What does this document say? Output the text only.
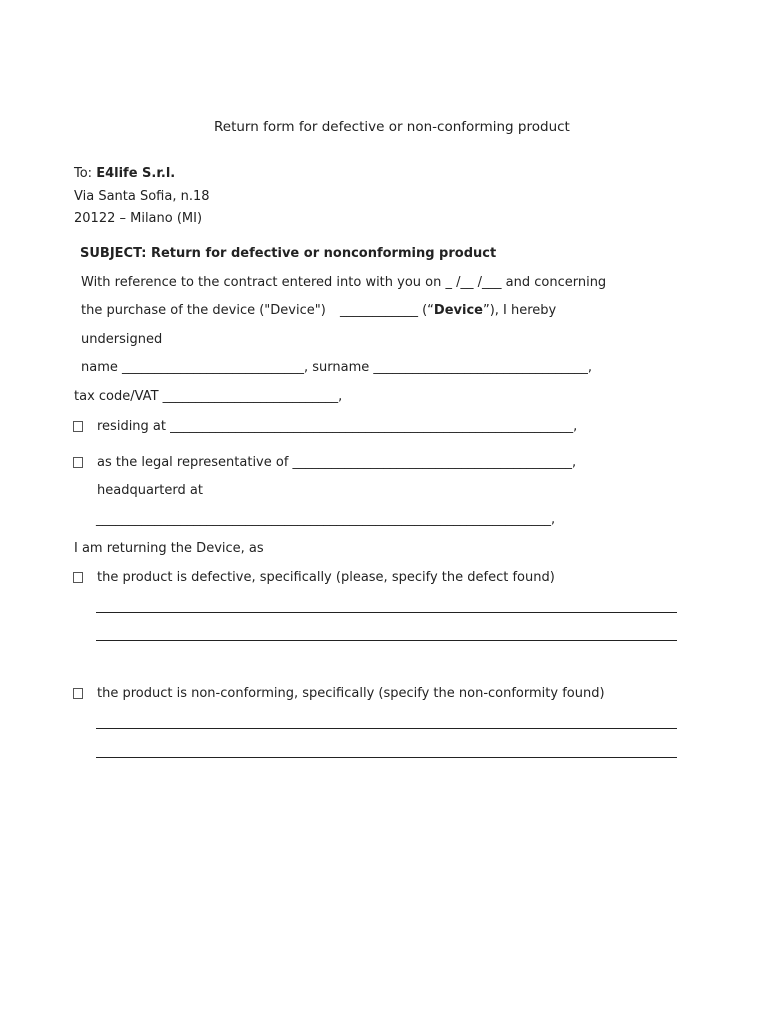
Return form for defective or non-conforming product

To: E4life S.r.l.

Via Santa Sofia, n.18

20122 – Milano (MI)

SUBJECT: Return for defective or nonconforming product

With reference to the contract entered into with you on _ /__ /___ and concerning

the purchase of the device ("Device") ____________ (“Device”), I hereby

undersigned

name ____________________________, surname _________________________________,

tax code/VAT ___________________________,

residing at ______________________________________________________________,

as the legal representative of ___________________________________________,

headquarterd at

______________________________________________________________________,

I am returning the Device, as

the product is defective, specifically (please, specify the defect found)

the product is non-conforming, specifically (specify the non-conformity found)
